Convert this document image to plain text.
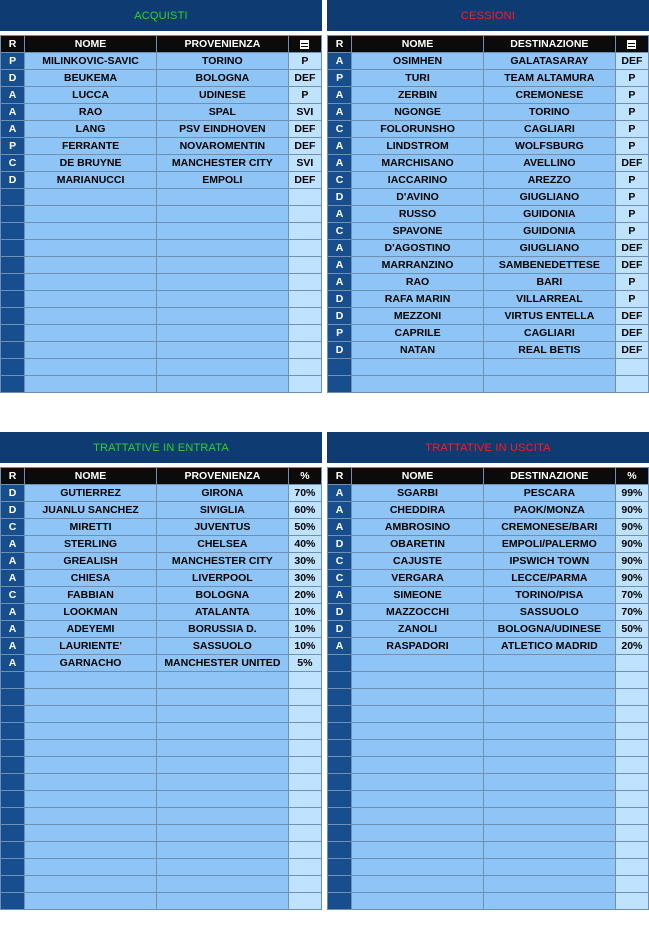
ACQUISTI
R	NOME	PROVENIENZA	
P	MILINKOVIC-SAVIC	TORINO	P
D	BEUKEMA	BOLOGNA	DEF
A	LUCCA	UDINESE	P
A	RAO	SPAL	SVI
A	LANG	PSV EINDHOVEN	DEF
P	FERRANTE	NOVAROMENTIN	DEF
C	DE BRUYNE	MANCHESTER CITY	SVI
D	MARIANUCCI	EMPOLI	DEF

CESSIONI
R	NOME	DESTINAZIONE	
A	OSIMHEN	GALATASARAY	DEF
P	TURI	TEAM ALTAMURA	P
A	ZERBIN	CREMONESE	P
A	NGONGE	TORINO	P
C	FOLORUNSHO	CAGLIARI	P
A	LINDSTROM	WOLFSBURG	P
A	MARCHISANO	AVELLINO	DEF
C	IACCARINO	AREZZO	P
D	D'AVINO	GIUGLIANO	P
A	RUSSO	GUIDONIA	P
C	SPAVONE	GUIDONIA	P
A	D'AGOSTINO	GIUGLIANO	DEF
A	MARRANZINO	SAMBENEDETTESE	DEF
A	RAO	BARI	P
D	RAFA MARIN	VILLARREAL	P
D	MEZZONI	VIRTUS ENTELLA	DEF
P	CAPRILE	CAGLIARI	DEF
D	NATAN	REAL BETIS	DEF

TRATTATIVE IN ENTRATA
R	NOME	PROVENIENZA	%
D	GUTIERREZ	GIRONA	70%
D	JUANLU SANCHEZ	SIVIGLIA	60%
C	MIRETTI	JUVENTUS	50%
A	STERLING	CHELSEA	40%
A	GREALISH	MANCHESTER CITY	30%
A	CHIESA	LIVERPOOL	30%
C	FABBIAN	BOLOGNA	20%
A	LOOKMAN	ATALANTA	10%
A	ADEYEMI	BORUSSIA D.	10%
A	LAURIENTE'	SASSUOLO	10%
A	GARNACHO	MANCHESTER UNITED	5%

TRATTATIVE IN USCITA
R	NOME	DESTINAZIONE	%
A	SGARBI	PESCARA	99%
A	CHEDDIRA	PAOK/MONZA	90%
A	AMBROSINO	CREMONESE/BARI	90%
D	OBARETIN	EMPOLI/PALERMO	90%
C	CAJUSTE	IPSWICH TOWN	90%
C	VERGARA	LECCE/PARMA	90%
A	SIMEONE	TORINO/PISA	70%
D	MAZZOCCHI	SASSUOLO	70%
D	ZANOLI	BOLOGNA/UDINESE	50%
A	RASPADORI	ATLETICO MADRID	20%
